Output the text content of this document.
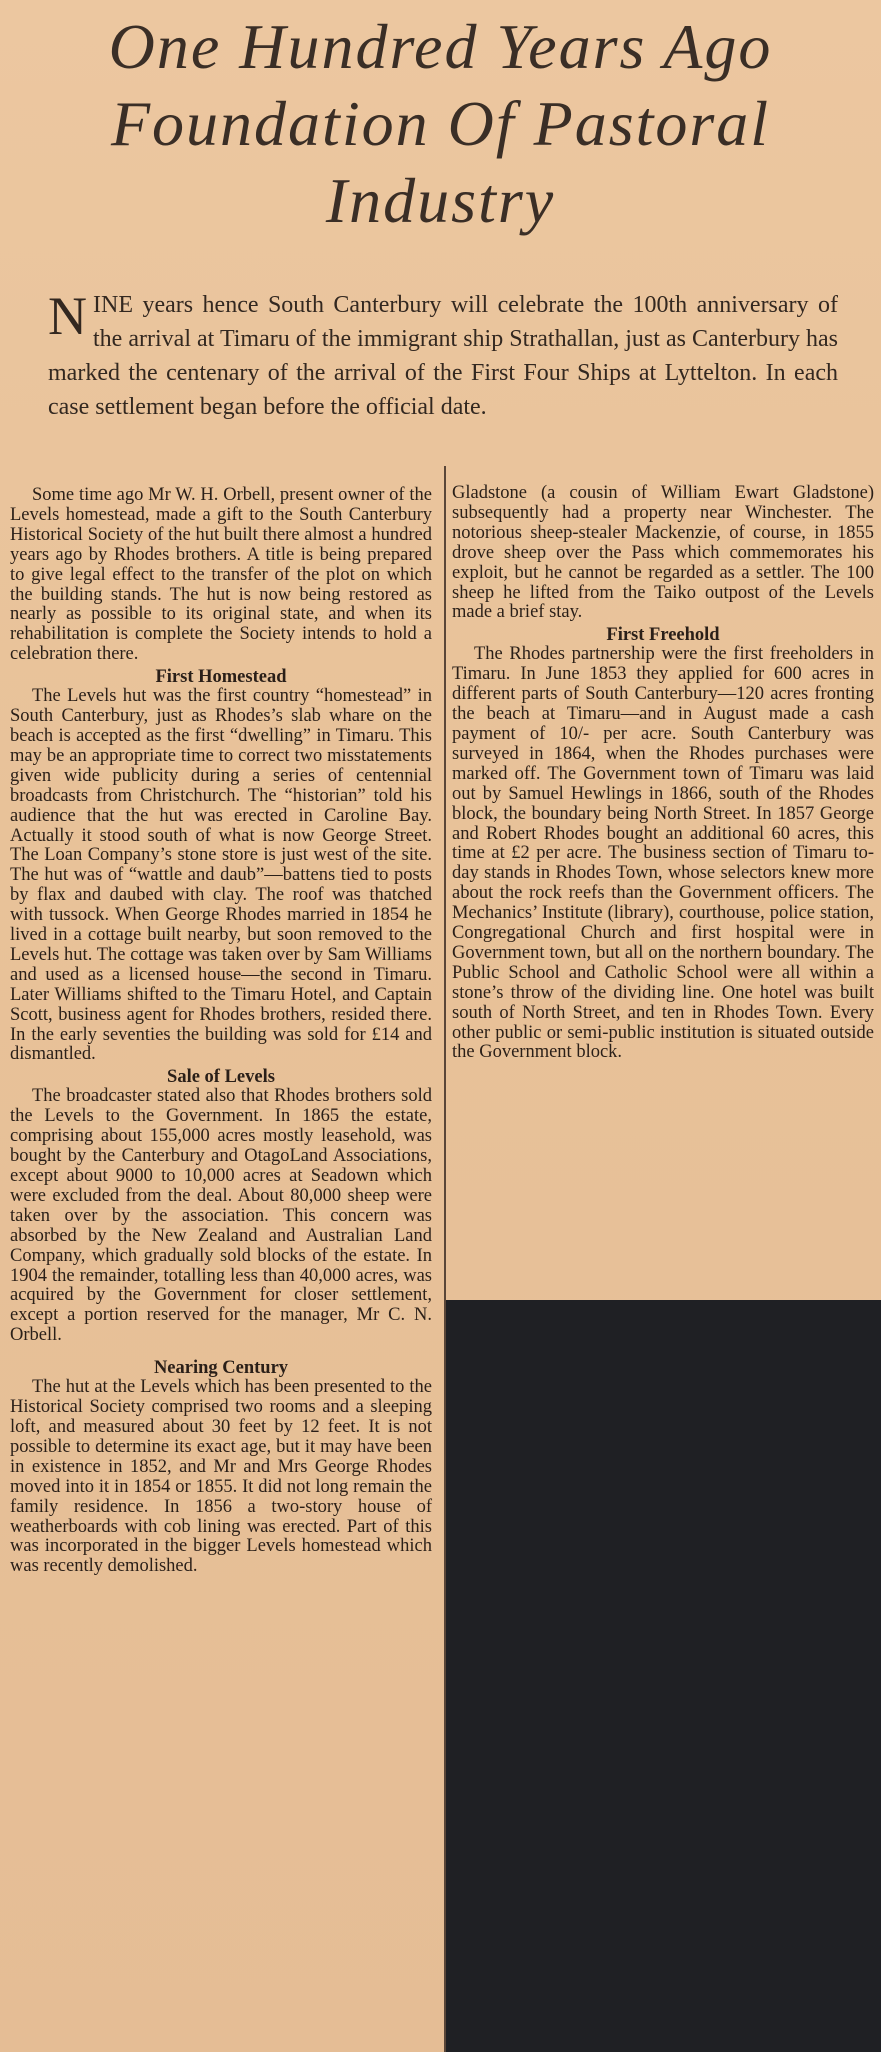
One Hundred Years Ago
Foundation Of Pastoral
Industry
N INE years hence South Canterbury will celebrate the 100th anniversary of the arrival at Timaru of the immigrant ship Strathallan, just as Canterbury has marked the centenary of the arrival of the First Four Ships at Lyttelton. In each case settlement began before the official date.

Some time ago Mr W. H. Orbell, present owner of the Levels homestead, made a gift to the South Canterbury Historical Society of the hut built there almost a hundred years ago by Rhodes brothers. A title is being prepared to give legal effect to the transfer of the plot on which the building stands. The hut is now being restored as nearly as possible to its original state, and when its rehabilitation is complete the Society intends to hold a celebration there.

First Homestead

The Levels hut was the first country “homestead” in South Canterbury, just as Rhodes’s slab whare on the beach is accepted as the first “dwelling” in Timaru. This may be an appropriate time to correct two misstatements given wide publicity during a series of centennial broadcasts from Christchurch. The “historian” told his audience that the hut was erected in Caroline Bay. Actually it stood south of what is now George Street. The Loan Company’s stone store is just west of the site. The hut was of “wattle and daub”—battens tied to posts by flax and daubed with clay. The roof was thatched with tussock. When George Rhodes married in 1854 he lived in a cottage built nearby, but soon removed to the Levels hut. The cottage was taken over by Sam Williams and used as a licensed house—the second in Timaru. Later Williams shifted to the Timaru Hotel, and Captain Scott, business agent for Rhodes brothers, resided there. In the early seventies the building was sold for £14 and dismantled.

Sale of Levels

The broadcaster stated also that Rhodes brothers sold the Levels to the Government. In 1865 the estate, comprising about 155,000 acres mostly leasehold, was bought by the Canterbury and OtagoLand Associations, except about 9000 to 10,000 acres at Seadown which were excluded from the deal. About 80,000 sheep were taken over by the association. This concern was absorbed by the New Zealand and Australian Land Company, which gradually sold blocks of the estate. In 1904 the remainder, totalling less than 40,000 acres, was acquired by the Government for closer settlement, except a portion reserved for the manager, Mr C. N. Orbell.

Nearing Century

The hut at the Levels which has been presented to the Historical Society comprised two rooms and a sleeping loft, and measured about 30 feet by 12 feet. It is not possible to determine its exact age, but it may have been in existence in 1852, and Mr and Mrs George Rhodes moved into it in 1854 or 1855. It did not long remain the family residence. In 1856 a two-story house of weatherboards with cob lining was erected. Part of this was incorporated in the bigger Levels homestead which was recently demolished.

Gladstone (a cousin of William Ewart Gladstone) subsequently had a property near Winchester. The notorious sheep-stealer Mackenzie, of course, in 1855 drove sheep over the Pass which commemorates his exploit, but he cannot be regarded as a settler. The 100 sheep he lifted from the Taiko outpost of the Levels made a brief stay.

First Freehold

The Rhodes partnership were the first freeholders in Timaru. In June 1853 they applied for 600 acres in different parts of South Canterbury—120 acres fronting the beach at Timaru—and in August made a cash payment of 10/- per acre. South Canterbury was surveyed in 1864, when the Rhodes purchases were marked off. The Government town of Timaru was laid out by Samuel Hewlings in 1866, south of the Rhodes block, the boundary being North Street. In 1857 George and Robert Rhodes bought an additional 60 acres, this time at £2 per acre. The business section of Timaru to-day stands in Rhodes Town, whose selectors knew more about the rock reefs than the Government officers. The Mechanics’ Institute (library), courthouse, police station, Congregational Church and first hospital were in Government town, but all on the northern boundary. The Public School and Catholic School were all within a stone’s throw of the dividing line. One hotel was built south of North Street, and ten in Rhodes Town. Every other public or semi-public institution is situated outside the Government block.
